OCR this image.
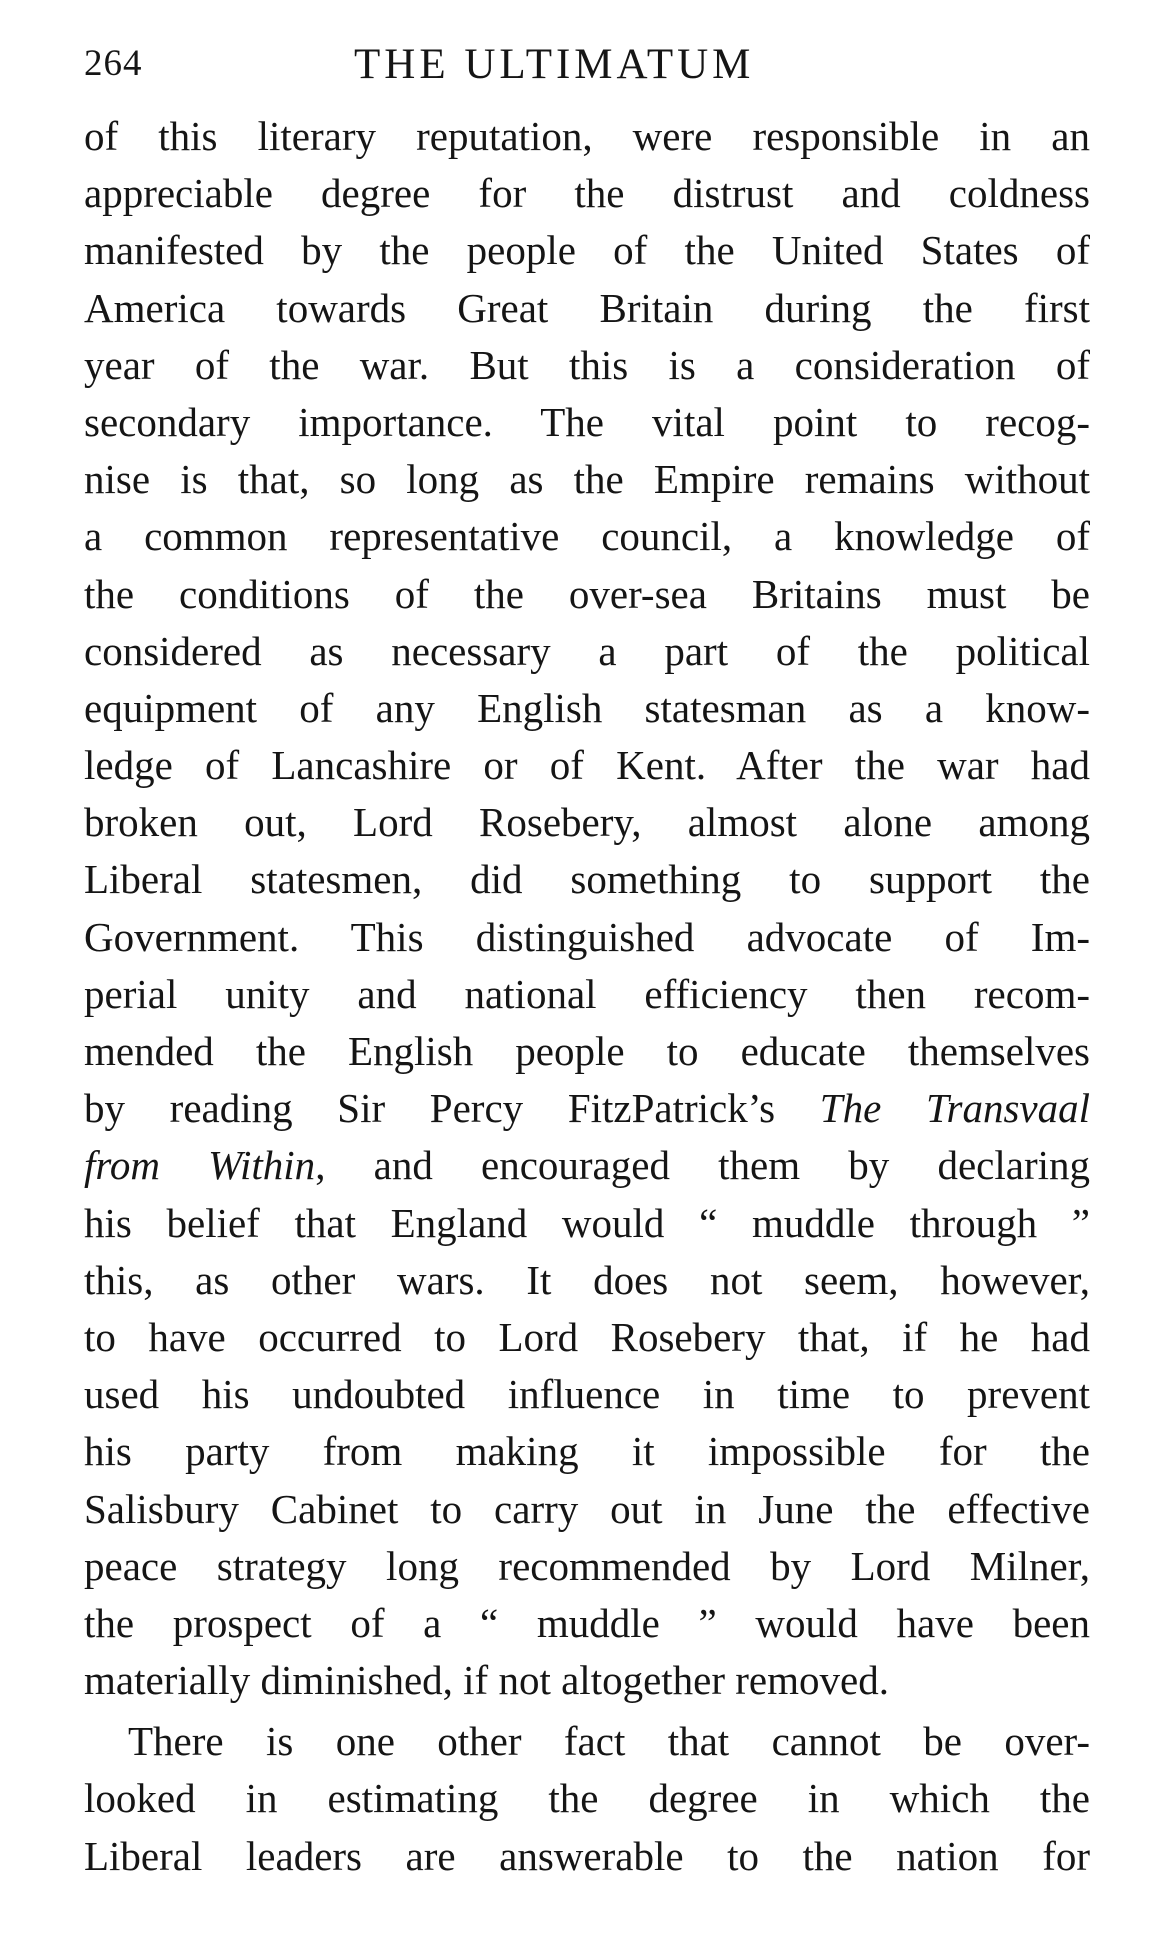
264	THE ULTIMATUM
of this literary reputation, were responsible in an
appreciable degree for the distrust and coldness
manifested by the people of the United States of
America towards Great Britain during the first
year of the war. But this is a consideration of
secondary importance. The vital point to recog-
nise is that, so long as the Empire remains without
a common representative council, a knowledge of
the conditions of the over-sea Britains must be
considered as necessary a part of the political
equipment of any English statesman as a know-
ledge of Lancashire or of Kent. After the war had
broken out, Lord Rosebery, almost alone among
Liberal statesmen, did something to support the
Government. This distinguished advocate of Im-
perial unity and national efficiency then recom-
mended the English people to educate themselves
by reading Sir Percy FitzPatrick’s The Transvaal
from Within, and encouraged them by declaring
his belief that England would “ muddle through ”
this, as other wars. It does not seem, however,
to have occurred to Lord Rosebery that, if he had
used his undoubted influence in time to prevent
his party from making it impossible for the
Salisbury Cabinet to carry out in June the effective
peace strategy long recommended by Lord Milner,
the prospect of a “ muddle ” would have been
materially diminished, if not altogether removed.
There is one other fact that cannot be over-
looked in estimating the degree in which the
Liberal leaders are answerable to the nation for
